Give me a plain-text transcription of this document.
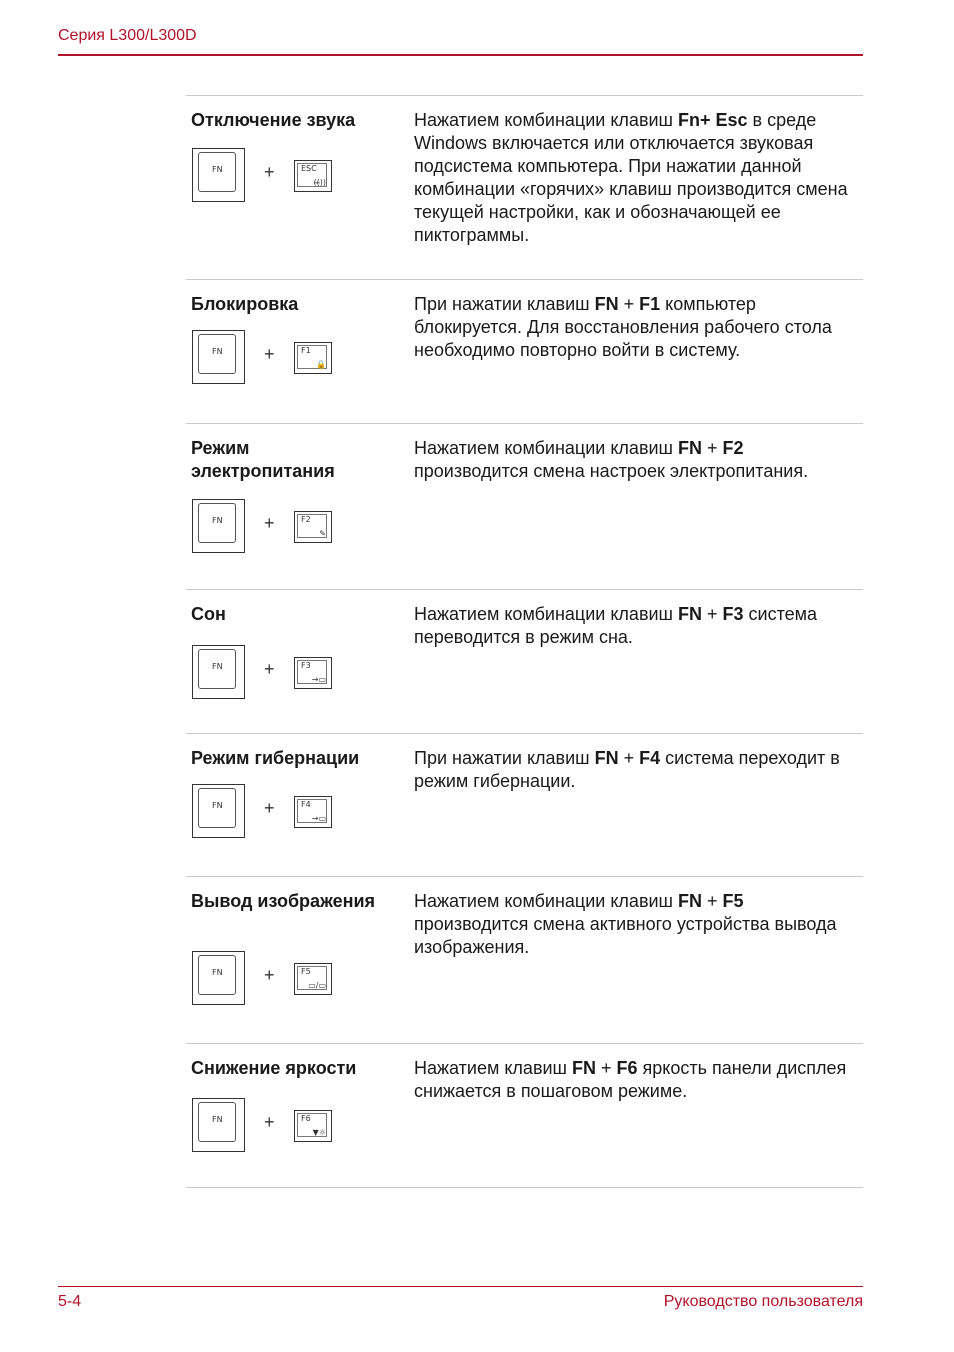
Серия L300/L300D
Отключение звука
FN +	ESC
((̶̶))
Нажатием комбинации клавиш Fn+ Esc в среде Windows включается или отключается звуковая подсистема компьютера. При нажатии данной комбинации «горячих» клавиш производится смена текущей настройки, как и обозначающей ее пиктограммы.
Блокировка
FN +	F1
🔒
При нажатии клавиш FN + F1 компьютер блокируется. Для восстановления рабочего стола необходимо повторно войти в систему.
Режим электропитания
FN +	F2
✎
Нажатием комбинации клавиш FN + F2 производится смена настроек электропитания.
Сон
FN +	F3
→▭
Нажатием комбинации клавиш FN + F3 система переводится в режим сна.
Режим гибернации
FN +	F4
→▭
При нажатии клавиш FN + F4 система переходит в режим гибернации.
Вывод изображения
FN +	F5
▭/▭
Нажатием комбинации клавиш FN + F5 производится смена активного устройства вывода изображения.
Снижение яркости
FN +	F6
▼☼
Нажатием клавиш FN + F6 яркость панели дисплея снижается в пошаговом режиме.
5-4	Руководство пользователя
